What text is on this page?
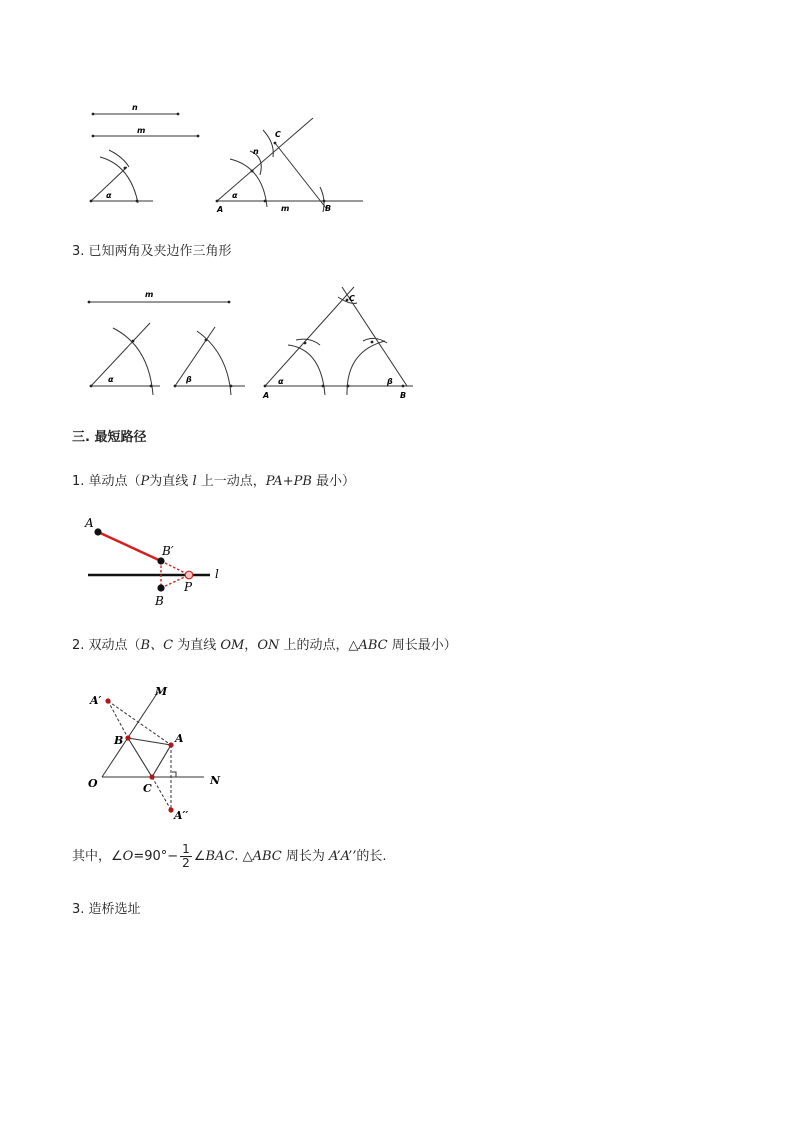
n
m
α
n
C
α
A	m	B
3. 已知两角及夹边作三角形
m
α	β
C
α	β
A	B
三. 最短路径
1. 单动点（P为直线 l 上一动点，PA+PB 最小）
A
B′
l
P
B
2. 双动点（B、C 为直线 OM，ON 上的动点，△ABC 周长最小）
A′
M
B	A
O	C
N
A′′
其中，∠O=90°− $\frac{1}{2}$ ∠BAC. △ABC 周长为 A’A’’的长.
3. 造桥选址
